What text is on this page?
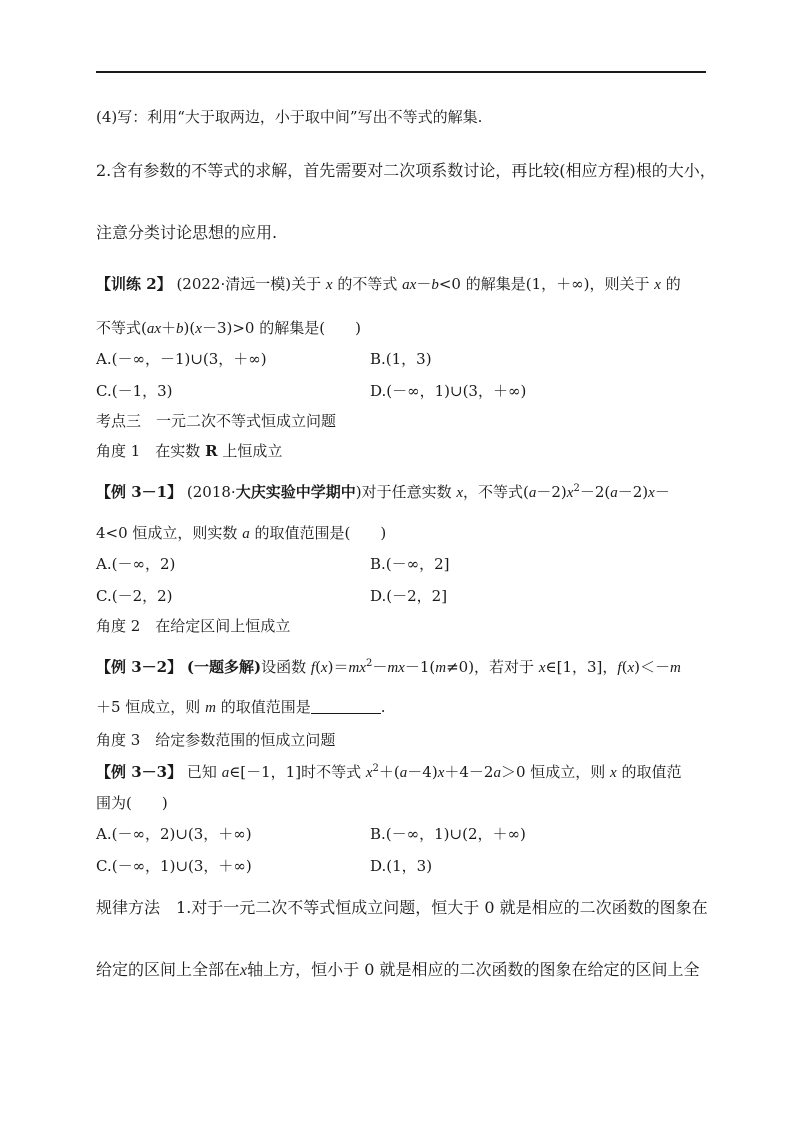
(4)写：利用“大于取两边，小于取中间”写出不等式的解集.
2.含有参数的不等式的求解，首先需要对二次项系数讨论，再比较(相应方程)根的大小，
注意分类讨论思想的应用.
【训练 2】 (2022·清远一模)关于 x 的不等式 ax－b<0 的解集是(1，＋∞)，则关于 x 的
不等式(ax＋b)(x－3)>0 的解集是(　　)
A.(－∞，－1)∪(3，＋∞)	B.(1，3)
C.(－1，3)	D.(－∞，1)∪(3，＋∞)
考点三　一元二次不等式恒成立问题
角度 1　在实数 R 上恒成立
【例 3－1】 (2018·大庆实验中学期中)对于任意实数 x，不等式$(a-2)x^2-2(a-2)x-$
4<0 恒成立，则实数 a 的取值范围是(　　)
A.(－∞，2)	B.(－∞，2]
C.(－2，2)	D.(－2，2]
角度 2　在给定区间上恒成立
【例 3－2】 (一题多解)设函数 $f(x)=mx^2-mx-1(m\ne 0)$，若对于 x∈[1，3]，f(x)＜－m
＋5 恒成立，则 m 的取值范围是	.
角度 3　给定参数范围的恒成立问题
【例 3－3】 已知 a∈[－1，1]时不等式 $x^2+(a-4)x+4-2a>0$ 恒成立，则 x 的取值范
围为(　　)
A.(－∞，2)∪(3，＋∞)	B.(－∞，1)∪(2，＋∞)
C.(－∞，1)∪(3，＋∞)	D.(1，3)
规律方法　 1.对于一元二次不等式恒成立问题，恒大于 0 就是相应的二次函数的图象在
给定的区间上全部在x轴上方，恒小于 0 就是相应的二次函数的图象在给定的区间上全
